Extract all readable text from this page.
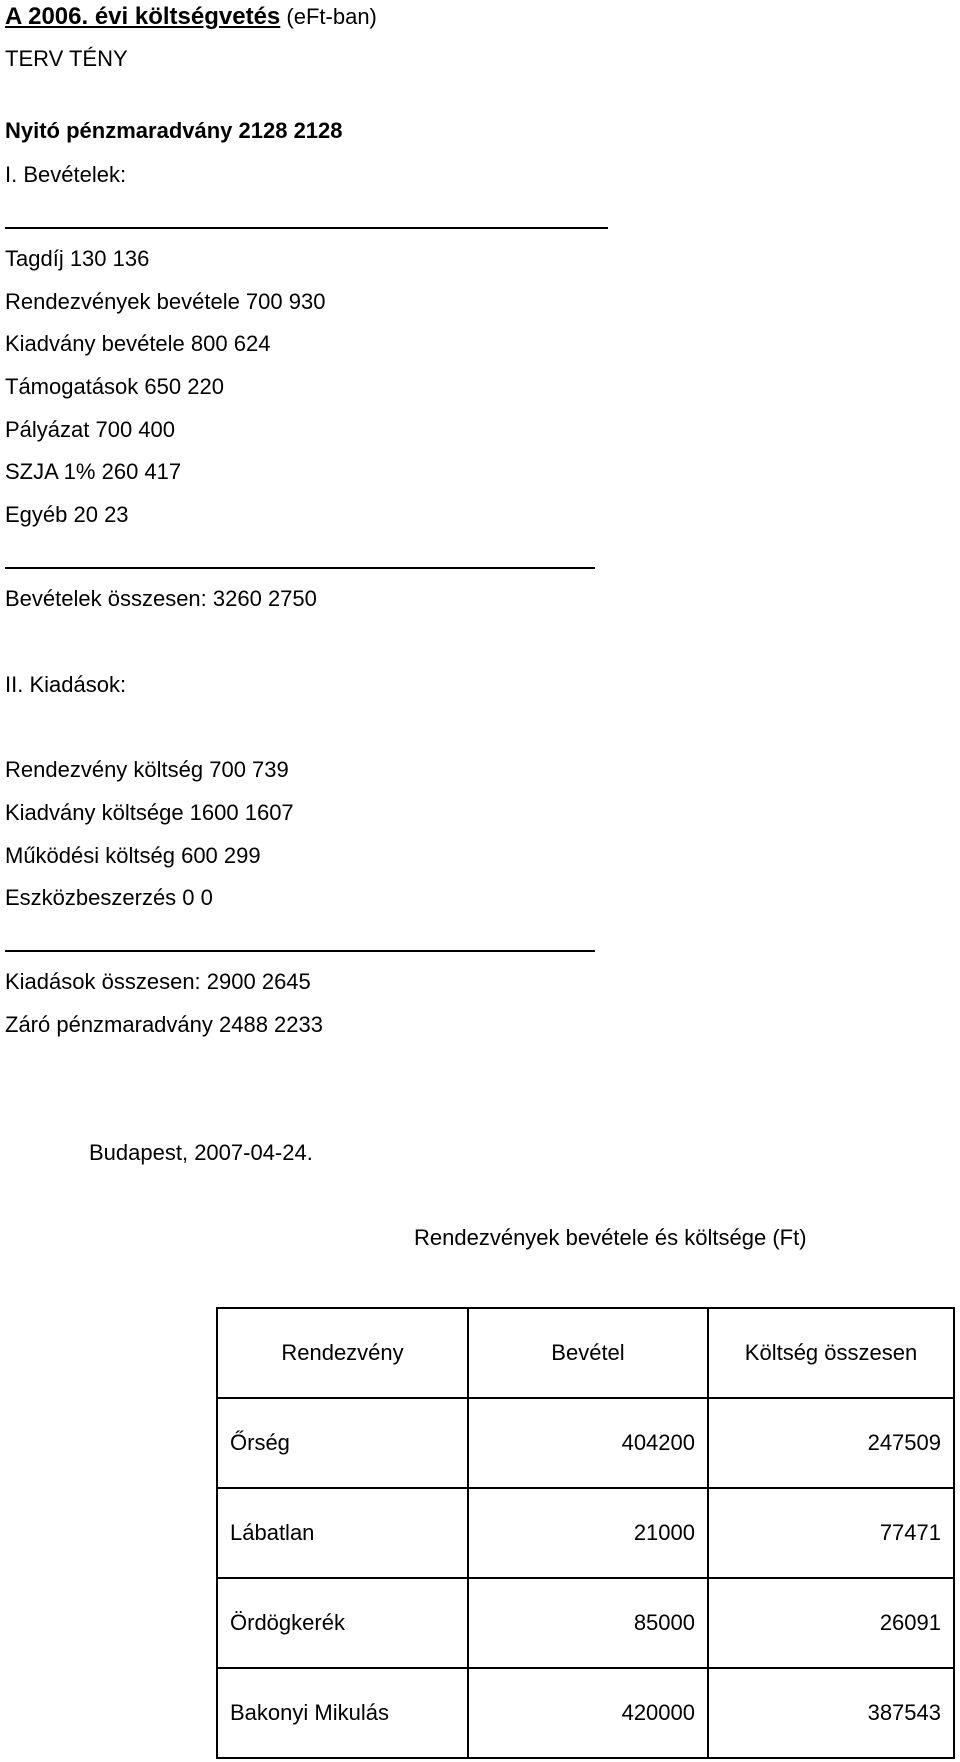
A 2006. évi költségvetés (eFt-ban)
TERV TÉNY
Nyitó pénzmaradvány 2128 2128
I. Bevételek:
Tagdíj 130 136
Rendezvények bevétele 700 930
Kiadvány bevétele 800 624
Támogatások 650 220
Pályázat 700 400
SZJA 1% 260 417
Egyéb 20 23
Bevételek összesen: 3260 2750
II. Kiadások:
Rendezvény költség 700 739
Kiadvány költsége 1600 1607
Működési költség 600 299
Eszközbeszerzés 0 0
Kiadások összesen: 2900 2645
Záró pénzmaradvány 2488 2233
Budapest, 2007-04-24.
Rendezvények bevétele és költsége (Ft)
Rendezvény	Bevétel	Költség összesen
Őrség	404200	247509
Lábatlan	21000	77471
Ördögkerék	85000	26091
Bakonyi Mikulás	420000	387543
